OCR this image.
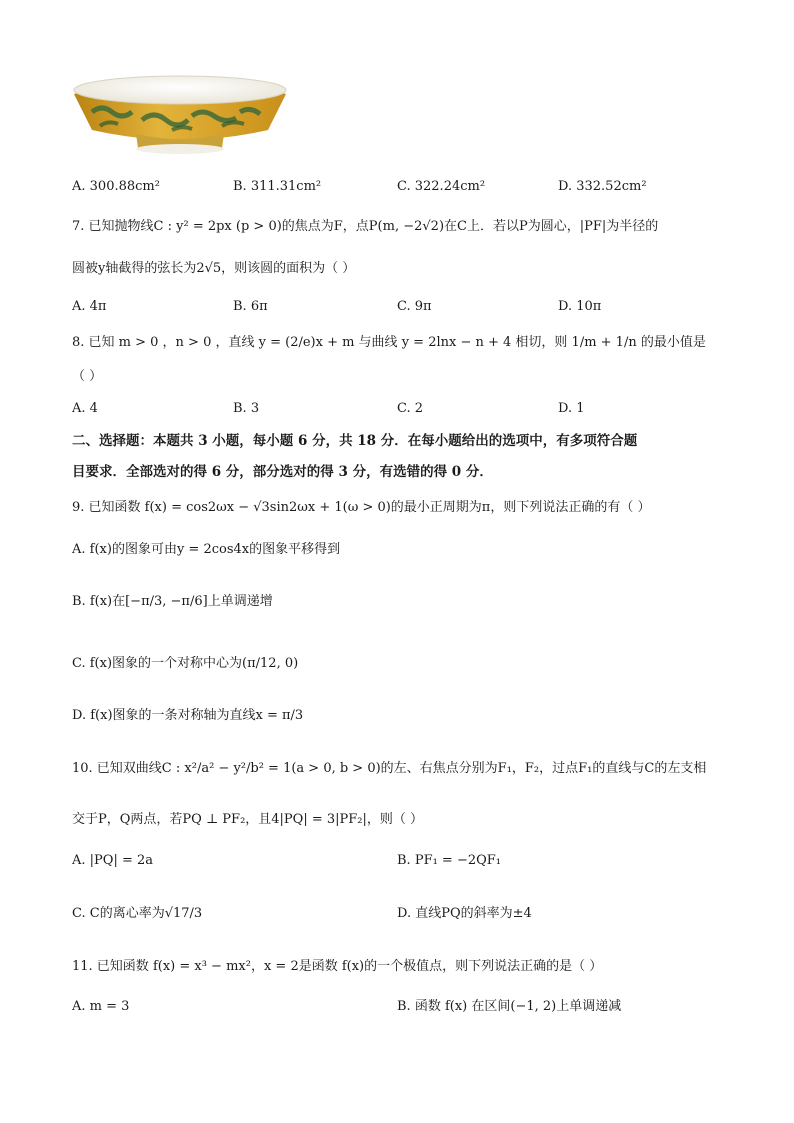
A. 300.88cm²	B. 311.31cm²	C. 322.24cm²	D. 332.52cm²
7. 已知抛物线C : y² = 2px (p > 0)的焦点为F，点P(m, −2√2)在C上．若以P为圆心，|PF|为半径的
圆被y轴截得的弦长为2√5，则该圆的面积为（ ）
A. 4π	B. 6π	C. 9π	D. 10π
8. 已知 m > 0 ，n > 0 ，直线 y = (2/e)x + m 与曲线 y = 2lnx − n + 4 相切，则 1/m + 1/n 的最小值是
（ ）
A. 4	B. 3	C. 2	D. 1
二、选择题：本题共 3 小题，每小题 6 分，共 18 分．在每小题给出的选项中，有多项符合题
目要求．全部选对的得 6 分，部分选对的得 3 分，有选错的得 0 分．
9. 已知函数 f(x) = cos2ωx − √3sin2ωx + 1(ω > 0)的最小正周期为π，则下列说法正确的有（ ）
A. f(x)的图象可由y = 2cos4x的图象平移得到
B. f(x)在[−π/3, −π/6]上单调递增
C. f(x)图象的一个对称中心为(π/12, 0)
D. f(x)图象的一条对称轴为直线x = π/3
10. 已知双曲线C : x²/a² − y²/b² = 1(a > 0, b > 0)的左、右焦点分别为F₁，F₂，过点F₁的直线与C的左支相
交于P，Q两点，若PQ ⊥ PF₂，且4|PQ| = 3|PF₂|，则（ ）
A. |PQ| = 2a	B. PF₁ = −2QF₁
C. C的离心率为√17/3	D. 直线PQ的斜率为±4
11. 已知函数 f(x) = x³ − mx²，x = 2是函数 f(x)的一个极值点，则下列说法正确的是（ ）
A. m = 3	B. 函数 f(x) 在区间(−1, 2)上单调递减
